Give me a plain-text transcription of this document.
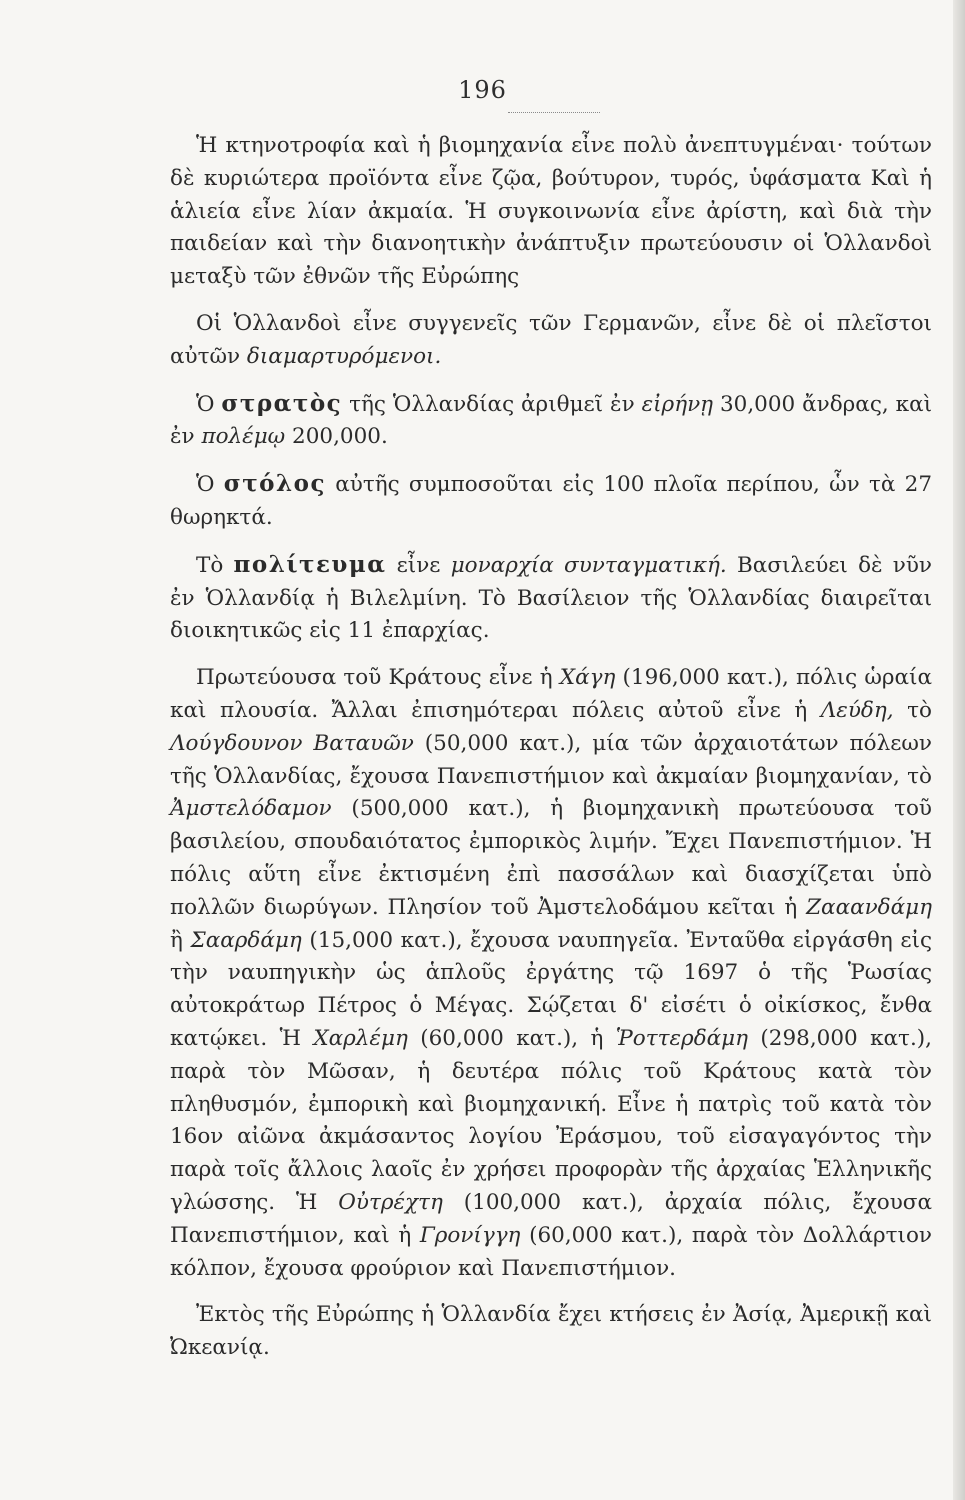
196

Ἡ κτηνοτροφία καὶ ἡ βιομηχανία εἶνε πολὺ ἀνεπτυγμέναι· τούτων δὲ κυριώτερα προϊόντα εἶνε ζῷα, βούτυρον, τυρός, ὑφάσματα Καὶ ἡ ἁλιεία εἶνε λίαν ἀκμαία. Ἡ συγκοινωνία εἶνε ἀρίστη, καὶ διὰ τὴν παιδείαν καὶ τὴν διανοητικὴν ἀνάπτυξιν πρωτεύουσιν οἱ Ὁλλανδοὶ μεταξὺ τῶν ἐθνῶν τῆς Εὐρώπης

Οἱ Ὁλλανδοὶ εἶνε συγγενεῖς τῶν Γερμανῶν, εἶνε δὲ οἱ πλεῖστοι αὐτῶν διαμαρτυρόμενοι.

Ὁ στρατὸς τῆς Ὁλλανδίας ἀριθμεῖ ἐν εἰρήνῃ 30,000 ἄνδρας, καὶ ἐν πολέμῳ 200,000.

Ὁ στόλος αὐτῆς συμποσοῦται εἰς 100 πλοῖα περίπου, ὧν τὰ 27 θωρηκτά.

Τὸ πολίτευμα εἶνε μοναρχία συνταγματική. Βασιλεύει δὲ νῦν ἐν Ὁλλανδίᾳ ἡ Βιλελμίνη. Τὸ Βασίλειον τῆς Ὁλλανδίας διαιρεῖται διοικητικῶς εἰς 11 ἐπαρχίας.

Πρωτεύουσα τοῦ Κράτους εἶνε ἡ Χάγη (196,000 κατ.), πόλις ὡραία καὶ πλουσία. Ἄλλαι ἐπισημότεραι πόλεις αὐτοῦ εἶνε ἡ Λεύδη, τὸ Λούγδουνον Βαταυῶν (50,000 κατ.), μία τῶν ἀρχαιοτάτων πόλεων τῆς Ὁλλανδίας, ἔχουσα Πανεπιστήμιον καὶ ἀκμαίαν βιομηχανίαν, τὸ Ἀμστελόδαμον (500,000 κατ.), ἡ βιομηχανικὴ πρωτεύουσα τοῦ βασιλείου, σπουδαιότατος ἐμπορικὸς λιμήν. Ἔχει Πανεπιστήμιον. Ἡ πόλις αὕτη εἶνε ἐκτισμένη ἐπὶ πασσάλων καὶ διασχίζεται ὑπὸ πολλῶν διωρύγων. Πλησίον τοῦ Ἀμστελοδάμου κεῖται ἡ Ζααανδάμη ἢ Σααρδάμη (15,000 κατ.), ἔχουσα ναυπηγεῖα. Ἐνταῦθα εἰργάσθη εἰς τὴν ναυπηγικὴν ὡς ἁπλοῦς ἐργάτης τῷ 1697 ὁ τῆς Ῥωσίας αὐτοκράτωρ Πέτρος ὁ Μέγας. Σῴζεται δ' εἰσέτι ὁ οἰκίσκος, ἔνθα κατῴκει. Ἡ Χαρλέμη (60,000 κατ.), ἡ Ῥοττερδάμη (298,000 κατ.), παρὰ τὸν Μῶσαν, ἡ δευτέρα πόλις τοῦ Κράτους κατὰ τὸν πληθυσμόν, ἐμπορικὴ καὶ βιομηχανική. Εἶνε ἡ πατρὶς τοῦ κατὰ τὸν 16ον αἰῶνα ἀκμάσαντος λογίου Ἐράσμου, τοῦ εἰσαγαγόντος τὴν παρὰ τοῖς ἄλλοις λαοῖς ἐν χρήσει προφορὰν τῆς ἀρχαίας Ἑλληνικῆς γλώσσης. Ἡ Οὐτρέχτη (100,000 κατ.), ἀρχαία πόλις, ἔχουσα Πανεπιστήμιον, καὶ ἡ Γρονίγγη (60,000 κατ.), παρὰ τὸν Δολλάρτιον κόλπον, ἔχουσα φρούριον καὶ Πανεπιστήμιον.

Ἐκτὸς τῆς Εὐρώπης ἡ Ὁλλανδία ἔχει κτήσεις ἐν Ἀσίᾳ, Ἀμερικῇ καὶ Ὠκεανίᾳ.
